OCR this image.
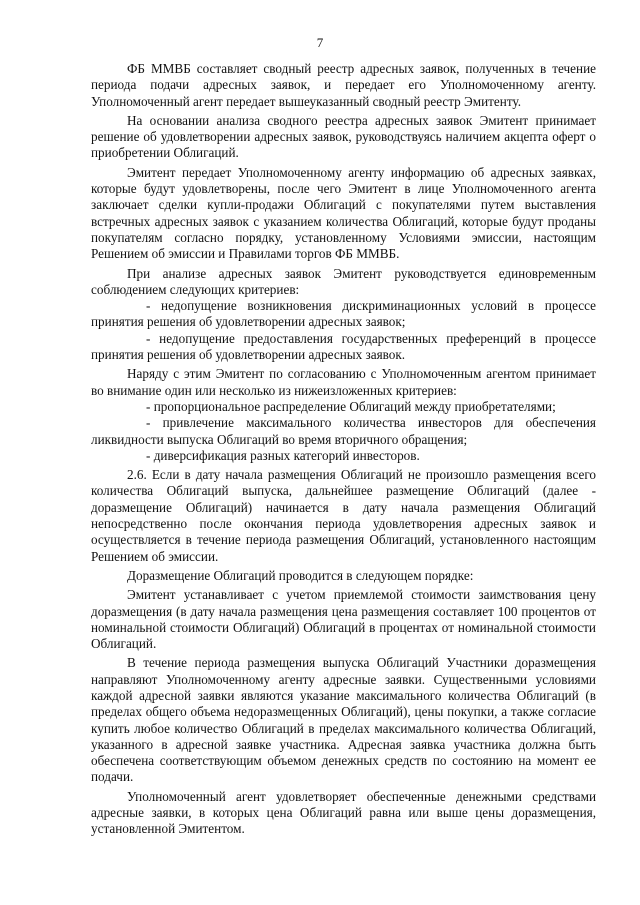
7

ФБ ММВБ составляет сводный реестр адресных заявок, полученных в течение периода подачи адресных заявок, и передает его Уполномоченному агенту. Уполномоченный агент передает вышеуказанный сводный реестр Эмитенту.

На основании анализа сводного реестра адресных заявок Эмитент принимает решение об удовлетворении адресных заявок, руководствуясь наличием акцепта оферт о приобретении Облигаций.

Эмитент передает Уполномоченному агенту информацию об адресных заявках, которые будут удовлетворены, после чего Эмитент в лице Уполномоченного агента заключает сделки купли-продажи Облигаций с покупателями путем выставления встречных адресных заявок с указанием количества Облигаций, которые будут проданы покупателям согласно порядку, установленному Условиями эмиссии, настоящим Решением об эмиссии и Правилами торгов ФБ ММВБ.

При анализе адресных заявок Эмитент руководствуется единовременным соблюдением следующих критериев:

- недопущение возникновения дискриминационных условий в процессе принятия решения об удовлетворении адресных заявок;

- недопущение предоставления государственных преференций в процессе принятия решения об удовлетворении адресных заявок.

Наряду с этим Эмитент по согласованию с Уполномоченным агентом принимает во внимание один или несколько из нижеизложенных критериев:

- пропорциональное распределение Облигаций между приобретателями;

- привлечение максимального количества инвесторов для обеспечения ликвидности выпуска Облигаций во время вторичного обращения;

- диверсификация разных категорий инвесторов.

2.6. Если в дату начала размещения Облигаций не произошло размещения всего количества Облигаций выпуска, дальнейшее размещение Облигаций (далее - доразмещение Облигаций) начинается в дату начала размещения Облигаций непосредственно после окончания периода удовлетворения адресных заявок и осуществляется в течение периода размещения Облигаций, установленного настоящим Решением об эмиссии.

Доразмещение Облигаций проводится в следующем порядке:

Эмитент устанавливает с учетом приемлемой стоимости заимствования цену доразмещения (в дату начала размещения цена размещения составляет 100 процентов от номинальной стоимости Облигаций) Облигаций в процентах от номинальной стоимости Облигаций.

В течение периода размещения выпуска Облигаций Участники доразмещения направляют Уполномоченному агенту адресные заявки. Существенными условиями каждой адресной заявки являются указание максимального количества Облигаций (в пределах общего объема недоразмещенных Облигаций), цены покупки, а также согласие купить любое количество Облигаций в пределах максимального количества Облигаций, указанного в адресной заявке участника. Адресная заявка участника должна быть обеспечена соответствующим объемом денежных средств по состоянию на момент ее подачи.

Уполномоченный агент удовлетворяет обеспеченные денежными средствами адресные заявки, в которых цена Облигаций равна или выше цены доразмещения, установленной Эмитентом.
